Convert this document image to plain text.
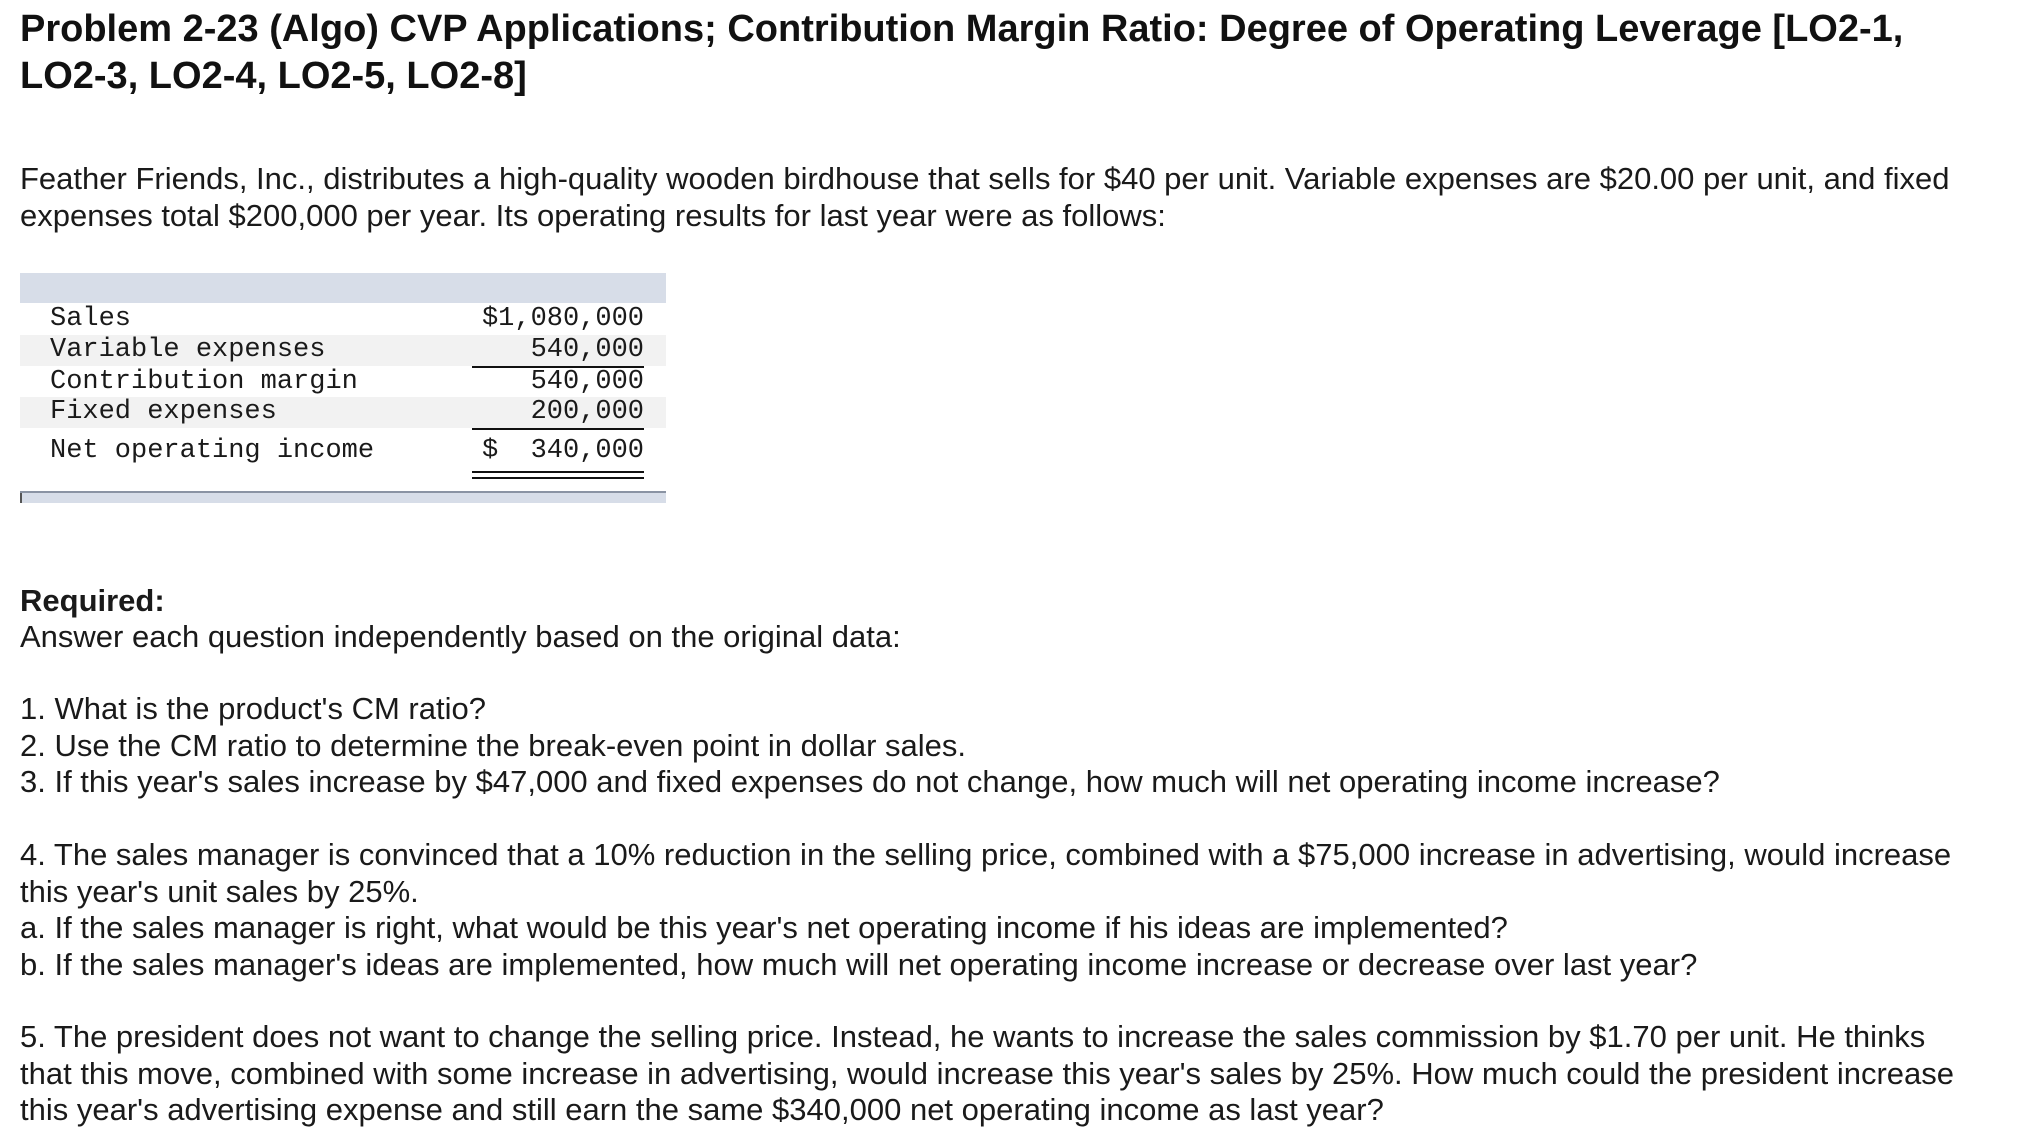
Problem 2-23 (Algo) CVP Applications; Contribution Margin Ratio: Degree of Operating Leverage [LO2-1, LO2-3, LO2-4, LO2-5, LO2-8]

Feather Friends, Inc., distributes a high-quality wooden birdhouse that sells for $40 per unit. Variable expenses are $20.00 per unit, and fixed expenses total $200,000 per year. Its operating results for last year were as follows:

Sales	$ 1,080,000
Variable expenses	540,000
Contribution margin	540,000
Fixed expenses	200,000
Net operating income	$ 340,000

Required:

Answer each question independently based on the original data:

1. What is the product's CM ratio?
2. Use the CM ratio to determine the break-even point in dollar sales.
3. If this year's sales increase by $47,000 and fixed expenses do not change, how much will net operating income increase?
4. The sales manager is convinced that a 10% reduction in the selling price, combined with a $75,000 increase in advertising, would increase this year's unit sales by 25%.
a. If the sales manager is right, what would be this year's net operating income if his ideas are implemented?
b. If the sales manager's ideas are implemented, how much will net operating income increase or decrease over last year?
5. The president does not want to change the selling price. Instead, he wants to increase the sales commission by $1.70 per unit. He thinks that this move, combined with some increase in advertising, would increase this year's sales by 25%. How much could the president increase this year's advertising expense and still earn the same $340,000 net operating income as last year?
